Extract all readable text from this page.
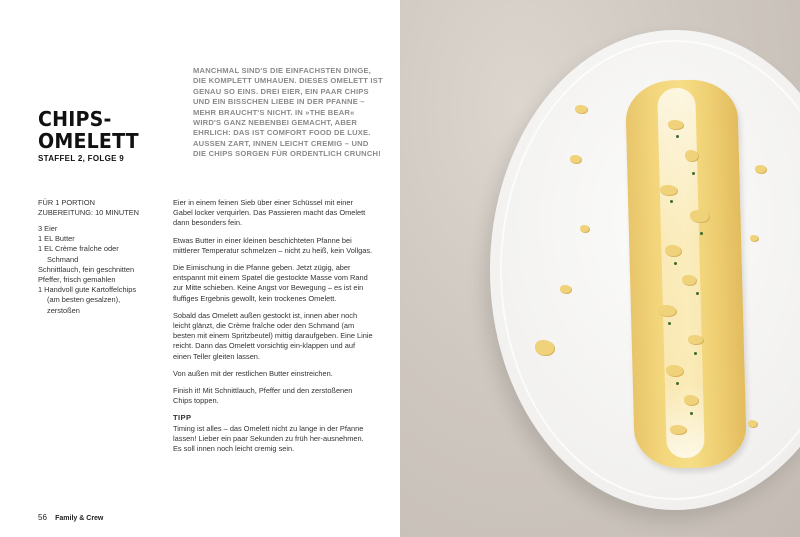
CHIPS-
OMELETT
STAFFEL 2, FOLGE 9
MANCHMAL SIND'S DIE EINFACHSTEN DINGE, DIE KOMPLETT UMHAUEN. DIESES OMELETT IST GENAU SO EINS. DREI EIER, EIN PAAR CHIPS UND EIN BISSCHEN LIEBE IN DER PFANNE – MEHR BRAUCHT'S NICHT. IN »THE BEAR« WIRD'S GANZ NEBENBEI GEMACHT, ABER EHRLICH: DAS IST COMFORT FOOD DE LUXE. AUSSEN ZART, INNEN LEICHT CREMIG – UND DIE CHIPS SORGEN FÜR ORDENTLICH CRUNCH!
FÜR 1 PORTION
ZUBEREITUNG: 10 MINUTEN
3 Eier
1 EL Butter
1 EL Crème fraîche oder
Schmand
Schnittlauch, fein geschnitten
Pfeffer, frisch gemahlen
1 Handvoll gute Kartoffelchips
(am besten gesalzen),
zerstoßen

Eier in einem feinen Sieb über einer Schüssel mit einer Gabel locker verquirlen. Das Passieren macht das Omelett dann besonders fein.

Etwas Butter in einer kleinen beschichteten Pfanne bei mittlerer Temperatur schmelzen – nicht zu heiß, kein Vollgas.

Die Eimischung in die Pfanne geben. Jetzt zügig, aber entspannt mit einem Spatel die gestockte Masse vom Rand zur Mitte schieben. Keine Angst vor Bewegung – es ist ein fluffiges Ergebnis gewollt, kein trockenes Omelett.

Sobald das Omelett außen gestockt ist, innen aber noch leicht glänzt, die Crème fraîche oder den Schmand (am besten mit einem Spritzbeutel) mittig daraufgeben. Eine Linie reicht. Dann das Omelett vorsichtig ein-klappen und auf einen Teller gleiten lassen.

Von außen mit der restlichen Butter einstreichen.

Finish it! Mit Schnittlauch, Pfeffer und den zerstoßenen Chips toppen.

TIPP

Timing ist alles – das Omelett nicht zu lange in der Pfanne lassen! Lieber ein paar Sekunden zu früh her-ausnehmen. Es soll innen noch leicht cremig sein.

56 Family & Crew
